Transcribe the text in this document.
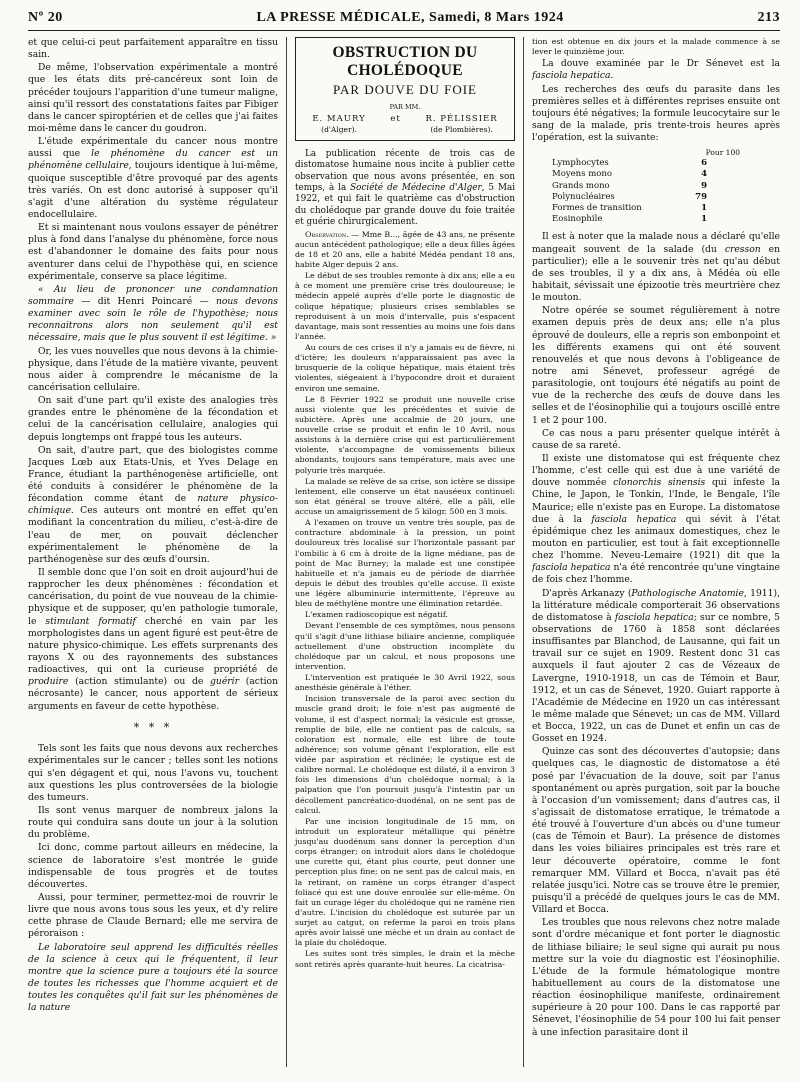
Nº 20	LA PRESSE MÉDICALE, Samedi, 8 Mars 1924	213

et que celui-ci peut parfaitement apparaître en tissu sain.

De même, l'observation expérimentale a montré que les états dits pré-cancéreux sont loin de précéder toujours l'apparition d'une tumeur maligne, ainsi qu'il ressort des constatations faites par Fibiger dans le cancer spiroptérien et de celles que j'ai faites moi-même dans le cancer du goudron.

L'étude expérimentale du cancer nous montre aussi que le phénomène du cancer est un phénomène cellulaire, toujours identique à lui-même, quoique susceptible d'être provoqué par des agents très variés. On est donc autorisé à supposer qu'il s'agit d'une altération du système régulateur endocellulaire.

Et si maintenant nous voulons essayer de pénétrer plus à fond dans l'analyse du phénomène, force nous est d'abandonner le domaine des faits pour nous aventurer dans celui de l'hypothèse qui, en science expérimentale, conserve sa place légitime.

« Au lieu de prononcer une condamnation sommaire — dit Henri Poincaré — nous devons examiner avec soin le rôle de l'hypothèse; nous reconnaitrons alors non seulement qu'il est nécessaire, mais que le plus souvent il est légitime. »

Or, les vues nouvelles que nous devons à la chimie-physique, dans l'étude de la matière vivante, peuvent nous aider à comprendre le mécanisme de la cancérisation cellulaire.

On sait d'une part qu'il existe des analogies très grandes entre le phénomène de la fécondation et celui de la cancérisation cellulaire, analogies qui depuis longtemps ont frappé tous les auteurs.

On sait, d'autre part, que des biologistes comme Jacques Lœb aux Etats-Unis, et Yves Delage en France, étudiant la parthénogenèse artificielle, ont été conduits à considérer le phénomène de la fécondation comme étant de nature physico-chimique. Ces auteurs ont montré en effet qu'en modifiant la concentration du milieu, c'est-à-dire de l'eau de mer, on pouvait déclencher expérimentalement le phénomène de la parthénogenèse sur des œufs d'oursin.

Il semble donc que l'on soit en droit aujourd'hui de rapprocher les deux phénomènes : fécondation et cancérisation, du point de vue nouveau de la chimie-physique et de supposer, qu'en pathologie tumorale, le stimulant formatif cherché en vain par les morphologistes dans un agent figuré est peut-être de nature physico-chimique. Les effets surprenants des rayons X ou des rayonnements des substances radioactives, qui ont la curieuse propriété de produire (action stimulante) ou de guérir (action nécrosante) le cancer, nous apportent de sérieux arguments en faveur de cette hypothèse.

* * *

Tels sont les faits que nous devons aux recherches expérimentales sur le cancer ; telles sont les notions qui s'en dégagent et qui, nous l'avons vu, touchent aux questions les plus controversées de la biologie des tumeurs.

Ils sont venus marquer de nombreux jalons la route qui conduira sans doute un jour à la solution du problème.

Ici donc, comme partout ailleurs en médecine, la science de laboratoire s'est montrée le guide indispensable de tous progrès et de toutes découvertes.

Aussi, pour terminer, permettez-moi de rouvrir le livre que nous avons tous sous les yeux, et d'y relire cette phrase de Claude Bernard; elle me servira de péroraison :

Le laboratoire seul apprend les difficultés réelles de la science à ceux qui le fréquentent, il leur montre que la science pure a toujours été la source de toutes les richesses que l'homme acquiert et de toutes les conquêtes qu'il fait sur les phénomènes de la nature

OBSTRUCTION DU CHOLÉDOQUE
PAR DOUVE DU FOIE
PAR MM.
E. MAURY
(d'Alger).
et	R. PÉLISSIER
(de Plombières).

La publication récente de trois cas de distomatose humaine nous incite à publier cette observation que nous avons présentée, en son temps, à la Société de Médecine d'Alger, 5 Mai 1922, et qui fait le quatrième cas d'obstruction du cholédoque par grande douve du foie traitée et guérie chirurgicalement.

Observation. — Mme B..., âgée de 43 ans, ne présente aucun antécédent pathologique; elle a deux filles âgées de 18 et 20 ans, elle a habité Médéa pendant 18 ans, habite Alger depuis 2 ans.

Le début de ses troubles remonte à dix ans; elle a eu à ce moment une première crise très douloureuse; le médecin appelé auprès d'elle porte le diagnostic de colique hépatique; plusieurs crises semblables se reproduisent à un mois d'intervalle, puis s'espacent davantage, mais sont ressenties au moins une fois dans l'année.

Au cours de ces crises il n'y a jamais eu de fièvre, ni d'ictère; les douleurs n'apparaissaient pas avec la brusquerie de la colique hépatique, mais étaient très violentes, siégeaient à l'hypocondre droit et duraient environ une semaine.

Le 8 Février 1922 se produit une nouvelle crise aussi violente que les précédentes et suivie de subictère. Après une accalmie de 20 jours, une nouvelle crise se produit et enfin le 10 Avril, nous assistons à la dernière crise qui est particulièrement violente, s'accompagne de vomissements bilieux abondants, toujours sans température, mais avec une polyurie très marquée.

La malade se relève de sa crise, son ictère se dissipe lentement, elle conserve un état nauséeux continuel: son état général se trouve altéré, elle a pâli, elle accuse un amaigrissement de 5 kilogr. 500 en 3 mois.

A l'examen on trouve un ventre très souple, pas de contracture abdominale à la pression, un point douloureux très localisé sur l'horizontale passant par l'ombilic à 6 cm à droite de la ligne médiane, pas de point de Mac Burney; la malade est une constipée habituelle et n'a jamais eu de période de diarrhée depuis le début des troubles qu'elle accuse. Il existe une légère albuminurie intermittente, l'épreuve au bleu de méthylène montre une élimination retardée.

L'examen radioscopique est négatif.

Devant l'ensemble de ces symptômes, nous pensons qu'il s'agit d'une lithiase biliaire ancienne, compliquée actuellement d'une obstruction incomplète du cholédoque par un calcul, et nous proposons une intervention.

L'intervention est pratiquée le 30 Avril 1922, sous anesthésie générale à l'éther.

Incision transversale de la paroi avec section du muscle grand droit; le foie n'est pas augmenté de volume, il est d'aspect normal; la vésicule est grosse, remplie de bile, elle ne contient pas de calculs, sa coloration est normale, elle est libre de toute adhérence; son volume gênant l'exploration, elle est vidée par aspiration et réclinée; le cystique est de calibre normal. Le cholédoque est dilaté, il a environ 3 fois les dimensions d'un cholédoque normal; à la palpation que l'on poursuit jusqu'à l'intestin par un décollement pancréatico-duodénal, on ne sent pas de calcul.

Par une incision longitudinale de 15 mm, on introduit un explorateur métallique qui pénètre jusqu'au duodénum sans donner la perception d'un corps étranger; on introduit alors dans le cholédoque une curette qui, étant plus courte, peut donner une perception plus fine; on ne sent pas de calcul mais, en la retirant, on ramène un corps étranger d'aspect foliacé qui est une douve enroulée sur elle-même. On fait un curage léger du cholédoque qui ne ramène rien d'autre. L'incision du cholédoque est suturée par un surjet au catgut, on referme la paroi en trois plans après avoir laissé une mèche et un drain au contact de la plaie du cholédoque.

Les suites sont très simples, le drain et la mèche sont retirés après quarante-huit heures. La cicatrisa-

tion est obtenue en dix jours et la malade commence à se lever le quinzième jour.

La douve examinée par le Dr Sénevet est la fasciola hepatica.

Les recherches des œufs du parasite dans les premières selles et à différentes reprises ensuite ont toujours été négatives; la formule leucocytaire sur le sang de la malade, pris trente-trois heures après l'opération, est la suivante:

Pour 100
Lymphocytes	6
Moyens mono	4
Grands mono	9
Polynucléaires	79
Formes de transition	1
Eosinophile	1

Il est à noter que la malade nous a déclaré qu'elle mangeait souvent de la salade (du cresson en particulier); elle a le souvenir très net qu'au début de ses troubles, il y a dix ans, à Médéa où elle habitait, sévissait une épizootie très meurtrière chez le mouton.

Notre opérée se soumet régulièrement à notre examen depuis près de deux ans; elle n'a plus éprouvé de douleurs, elle a repris son embonpoint et les différents examens qui ont été souvent renouvelés et que nous devons à l'obligeance de notre ami Sénevet, professeur agrégé de parasitologie, ont toujours été négatifs au point de vue de la recherche des œufs de douve dans les selles et de l'éosinophilie qui a toujours oscillé entre 1 et 2 pour 100.

Ce cas nous a paru présenter quelque intérêt à cause de sa rareté.

Il existe une distomatose qui est fréquente chez l'homme, c'est celle qui est due à une variété de douve nommée clonorchis sinensis qui infeste la Chine, le Japon, le Tonkin, l'Inde, le Bengale, l'île Maurice; elle n'existe pas en Europe. La distomatose due à la fasciola hepatica qui sévit à l'état épidémique chez les animaux domestiques, chez le mouton en particulier, est tout à fait exceptionnelle chez l'homme. Neveu-Lemaire (1921) dit que la fasciola hepatica n'a été rencontrée qu'une vingtaine de fois chez l'homme.

D'après Arkanazy (Pathologische Anatomie, 1911), la littérature médicale comporterait 36 observations de distomatose à fasciola hepatica; sur ce nombre, 5 observations de 1760 à 1858 sont déclarées insuffisantes par Blanchod, de Lausanne, qui fait un travail sur ce sujet en 1909. Restent donc 31 cas auxquels il faut ajouter 2 cas de Vézeaux de Lavergne, 1910-1918, un cas de Témoin et Baur, 1912, et un cas de Sénevet, 1920. Guiart rapporte à l'Académie de Médecine en 1920 un cas intéressant le même malade que Sénevet; un cas de MM. Villard et Bocca, 1922, un cas de Dunet et enfin un cas de Gosset en 1924.

Quinze cas sont des découvertes d'autopsie; dans quelques cas, le diagnostic de distomatose a été posé par l'évacuation de la douve, soit par l'anus spontanément ou après purgation, soit par la bouche à l'occasion d'un vomissement; dans d'autres cas, il s'agissait de distomatose erratique, le trématode a été trouvé à l'ouverture d'un abcès ou d'une tumeur (cas de Témoin et Baur). La présence de distomes dans les voies biliaires principales est très rare et leur découverte opératoire, comme le font remarquer MM. Villard et Bocca, n'avait pas été relatée jusqu'ici. Notre cas se trouve être le premier, puisqu'il a précédé de quelques jours le cas de MM. Villard et Bocca.

Les troubles que nous relevons chez notre malade sont d'ordre mécanique et font porter le diagnostic de lithiase biliaire; le seul signe qui aurait pu nous mettre sur la voie du diagnostic est l'éosinophilie. L'étude de la formule hématologique montre habituellement au cours de la distomatose une réaction éosinophilique manifeste, ordinairement supérieure à 20 pour 100. Dans le cas rapporté par Sénevet, l'éosinophilie de 54 pour 100 lui fait penser à une infection parasitaire dont il
